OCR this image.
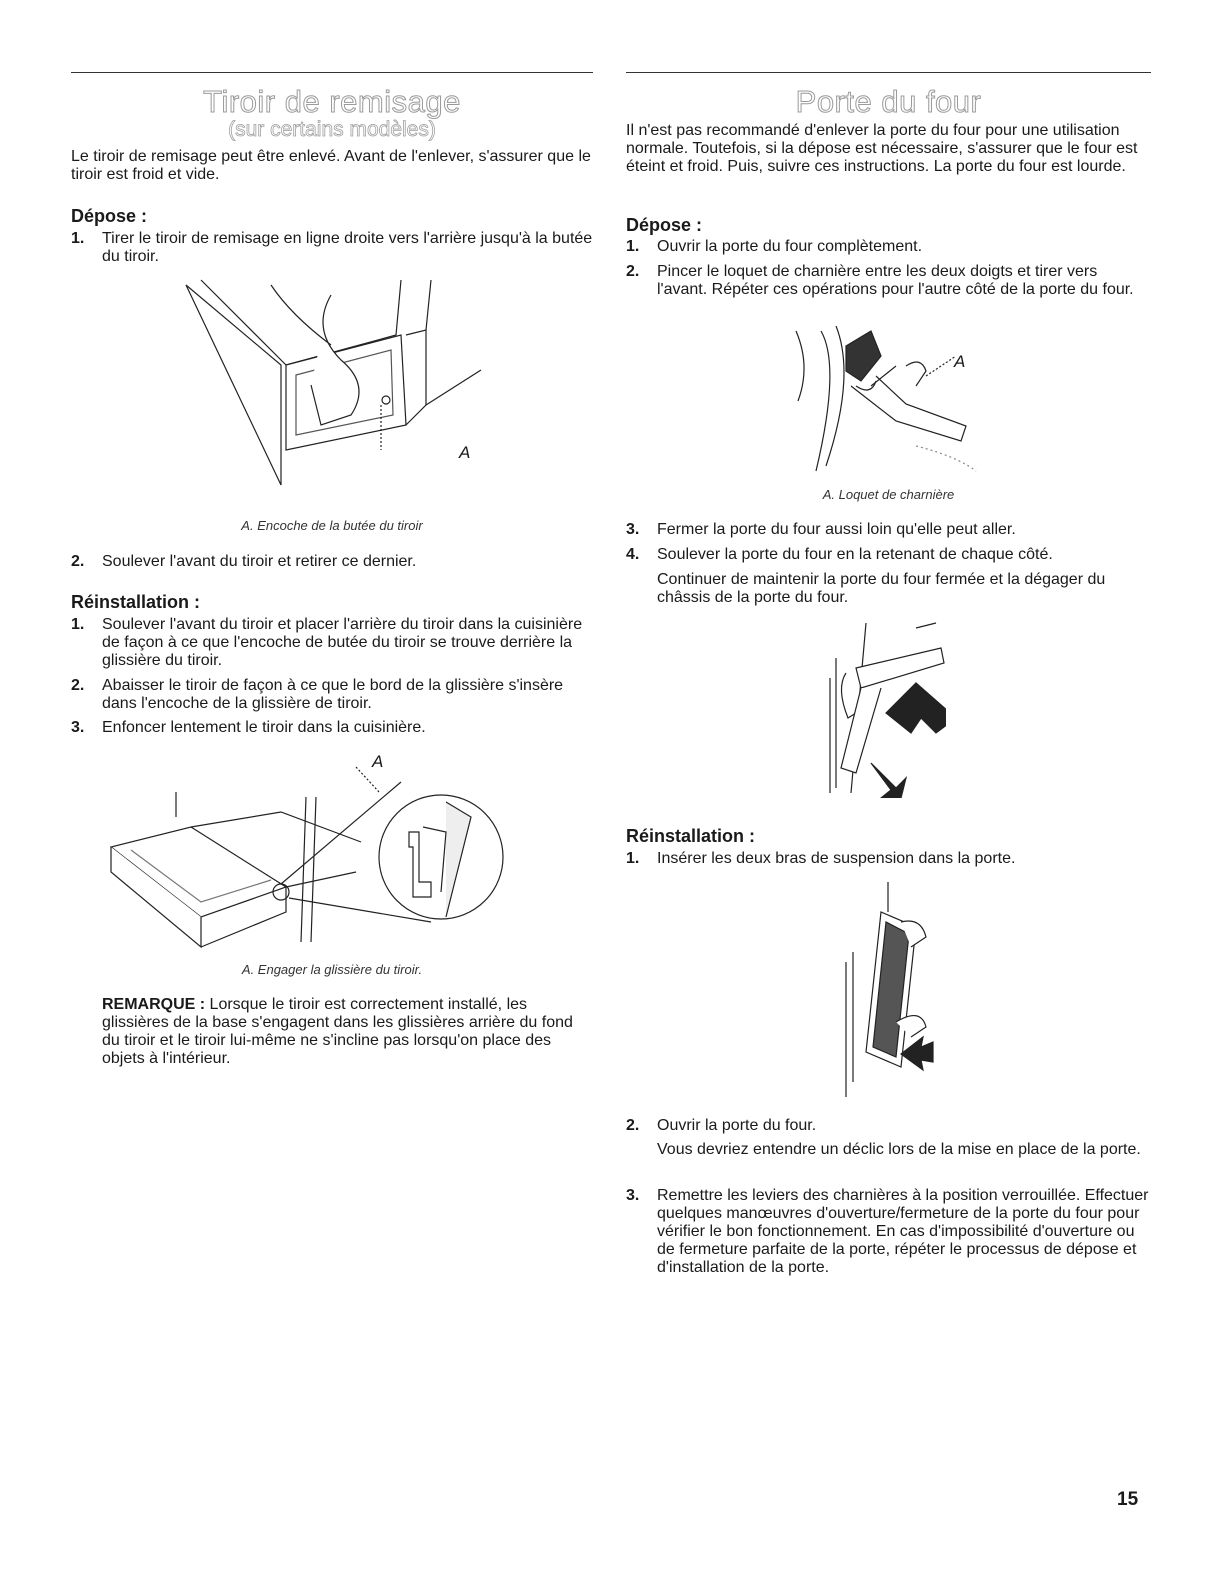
Tiroir de remisage
(sur certains modèles)

Le tiroir de remisage peut être enlevé. Avant de l'enlever, s'assurer que le tiroir est froid et vide.

Dépose :
1. Tirer le tiroir de remisage en ligne droite vers l'arrière jusqu'à la butée du tiroir.
A
A. Encoche de la butée du tiroir
2. Soulever l'avant du tiroir et retirer ce dernier.
Réinstallation :
1. Soulever l'avant du tiroir et placer l'arrière du tiroir dans la cuisinière de façon à ce que l'encoche de butée du tiroir se trouve derrière la glissière du tiroir.
2. Abaisser le tiroir de façon à ce que le bord de la glissière s'insère dans l'encoche de la glissière de tiroir.
3. Enfoncer lentement le tiroir dans la cuisinière.
A
A. Engager la glissière du tiroir.

REMARQUE : Lorsque le tiroir est correctement installé, les glissières de la base s'engagent dans les glissières arrière du fond du tiroir et le tiroir lui-même ne s'incline pas lorsqu'on place des objets à l'intérieur.

Porte du four

Il n'est pas recommandé d'enlever la porte du four pour une utilisation normale. Toutefois, si la dépose est nécessaire, s'assurer que le four est éteint et froid. Puis, suivre ces instructions. La porte du four est lourde.

Dépose :
1. Ouvrir la porte du four complètement.
2. Pincer le loquet de charnière entre les deux doigts et tirer vers l'avant. Répéter ces opérations pour l'autre côté de la porte du four.
A
A. Loquet de charnière
3. Fermer la porte du four aussi loin qu'elle peut aller.
4. Soulever la porte du four en la retenant de chaque côté.

Continuer de maintenir la porte du four fermée et la dégager du châssis de la porte du four.

Réinstallation :
1. Insérer les deux bras de suspension dans la porte.
2. Ouvrir la porte du four.

Vous devriez entendre un déclic lors de la mise en place de la porte.

3. Remettre les leviers des charnières à la position verrouillée. Effectuer quelques manœuvres d'ouverture/fermeture de la porte du four pour vérifier le bon fonctionnement. En cas d'impossibilité d'ouverture ou de fermeture parfaite de la porte, répéter le processus de dépose et d'installation de la porte.
15
